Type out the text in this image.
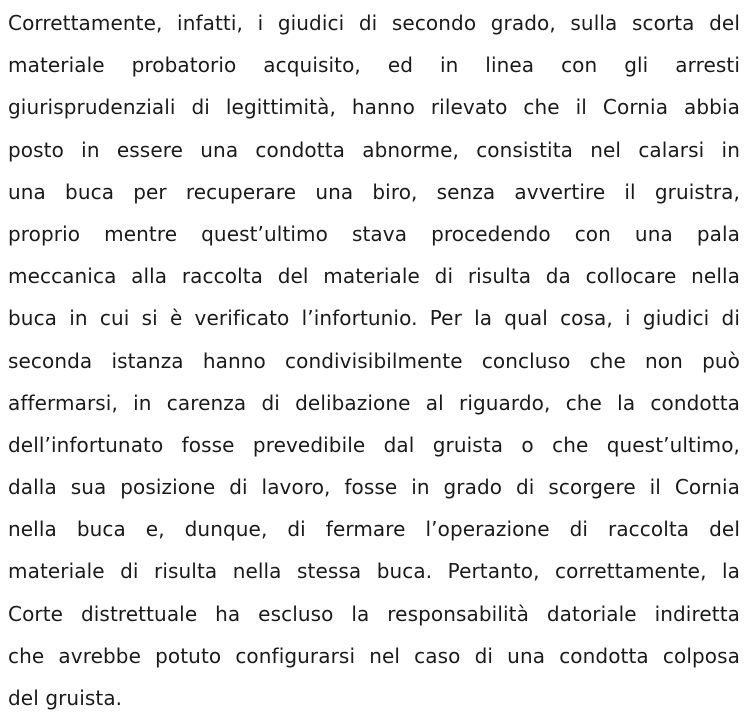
Correttamente, infatti, i giudici di secondo grado, sulla scorta del
materiale probatorio acquisito, ed in linea con gli arresti
giurisprudenziali di legittimità, hanno rilevato che il Cornia abbia
posto in essere una condotta abnorme, consistita nel calarsi in
una buca per recuperare una biro, senza avvertire il gruistra,
proprio mentre quest’ultimo stava procedendo con una pala
meccanica alla raccolta del materiale di risulta da collocare nella
buca in cui si è verificato l’infortunio. Per la qual cosa, i giudici di
seconda istanza hanno condivisibilmente concluso che non può
affermarsi, in carenza di delibazione al riguardo, che la condotta
dell’infortunato fosse prevedibile dal gruista o che quest’ultimo,
dalla sua posizione di lavoro, fosse in grado di scorgere il Cornia
nella buca e, dunque, di fermare l’operazione di raccolta del
materiale di risulta nella stessa buca. Pertanto, correttamente, la
Corte distrettuale ha escluso la responsabilità datoriale indiretta
che avrebbe potuto configurarsi nel caso di una condotta colposa
del gruista.
